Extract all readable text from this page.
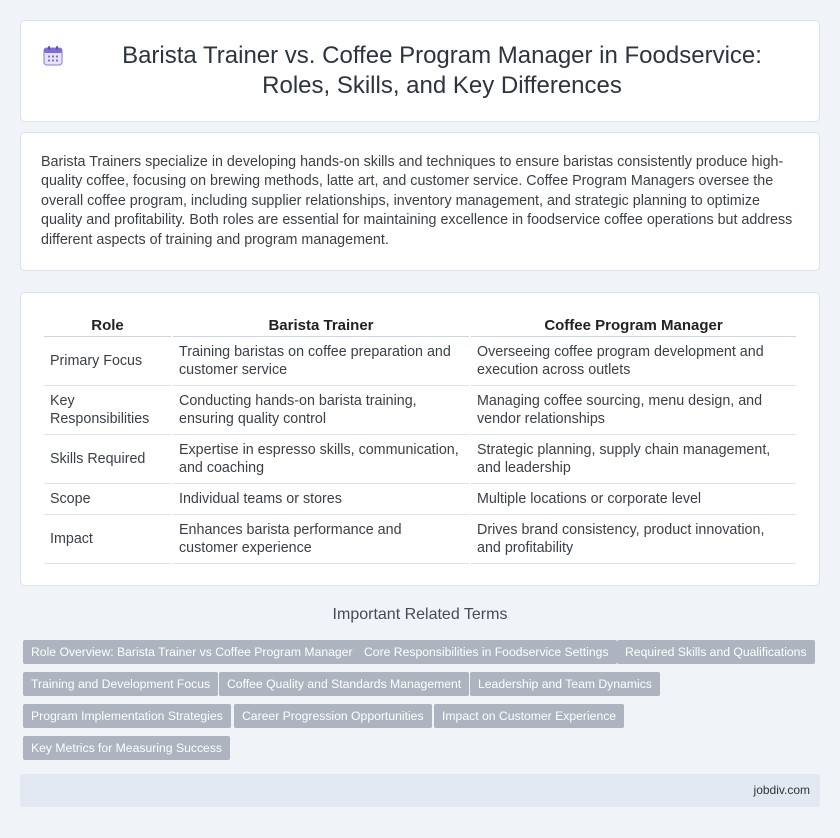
Barista Trainer vs. Coffee Program Manager in Foodservice: Roles, Skills, and Key Differences

Barista Trainers specialize in developing hands-on skills and techniques to ensure baristas consistently produce high-quality coffee, focusing on brewing methods, latte art, and customer service. Coffee Program Managers oversee the overall coffee program, including supplier relationships, inventory management, and strategic planning to optimize quality and profitability. Both roles are essential for maintaining excellence in foodservice coffee operations but address different aspects of training and program management.

Role	Barista Trainer	Coffee Program Manager
Primary Focus	Training baristas on coffee preparation and customer service	Overseeing coffee program development and execution across outlets
Key Responsibilities	Conducting hands-on barista training, ensuring quality control	Managing coffee sourcing, menu design, and vendor relationships
Skills Required	Expertise in espresso skills, communication, and coaching	Strategic planning, supply chain management, and leadership
Scope	Individual teams or stores	Multiple locations or corporate level
Impact	Enhances barista performance and customer experience	Drives brand consistency, product innovation, and profitability
Important Related Terms
Role Overview: Barista Trainer vs Coffee Program Manager Core Responsibilities in Foodservice Settings	Required Skills and Qualifications
Training and Development Focus	Coffee Quality and Standards Management	Leadership and Team Dynamics
Program Implementation Strategies	Career Progression Opportunities	Impact on Customer Experience
Key Metrics for Measuring Success
jobdiv.com
